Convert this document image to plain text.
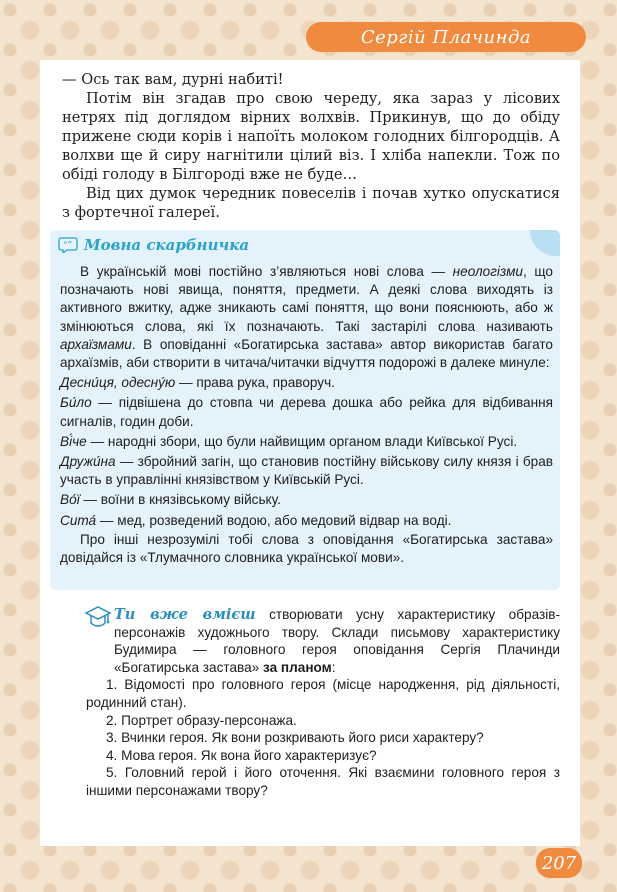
Сергій Плачинда

— Ось так вам, дурні набиті!

Потім він згадав про свою череду, яка зараз у лісових нетрях під доглядом вірних волхвів. Прикинув, що до обіду прижене сюди корів і напоїть молоком голодних білгородців. А волхви ще й сиру нагнітили цілий віз. І хліба напекли. Тож по обіді голоду в Білгороді вже не буде…

Від цих думок чередник повеселів і почав хутко опускатися з фортечної галереї.

“” Мовна скарбничка

В українській мові постійно з’являються нові слова — неологізми, що позначають нові явища, поняття, предмети. А деякі слова виходять із активного вжитку, адже зникають самі поняття, що вони пояснюють, або ж змінюються слова, які їх позначають. Такі застарілі слова називають архаїзмами. В оповіданні «Богатирська застава» автор використав багато архаїзмів, аби створити в читача/читачки відчуття подорожі в далеке минуле:

Десни́ця, одесну́ю — права рука, праворуч.

Би́ло — підвішена до стовпа чи дерева дошка або рейка для відбивання сигналів, годин доби.

Ві́че — народні збори, що були найвищим органом влади Київської Русі.

Дружи́на — збройний загін, що становив постійну військову силу князя і брав участь в управлінні князівством у Київській Русі.

Во́ї — воїни в князівському війську.

Сита́ — мед, розведений водою, або медовий відвар на воді.

Про інші незрозумілі тобі слова з оповідання «Богатирська застава» довідайся із «Тлумачного словника української мови».

Ти вже вмієш створювати усну характеристику образів-персонажів художнього твору. Склади письмову характеристику Будимира — головного героя оповідання Сергія Плачинди «Богатирська застава» за планом:

1. Відомості про головного героя (місце народження, рід діяльності, родинний стан).
2. Портрет образу-персонажа.
3. Вчинки героя. Як вони розкривають його риси характеру?
4. Мова героя. Як вона його характеризує?
5. Головний герой і його оточення. Які взаємини головного героя з іншими персонажами твору?
207
